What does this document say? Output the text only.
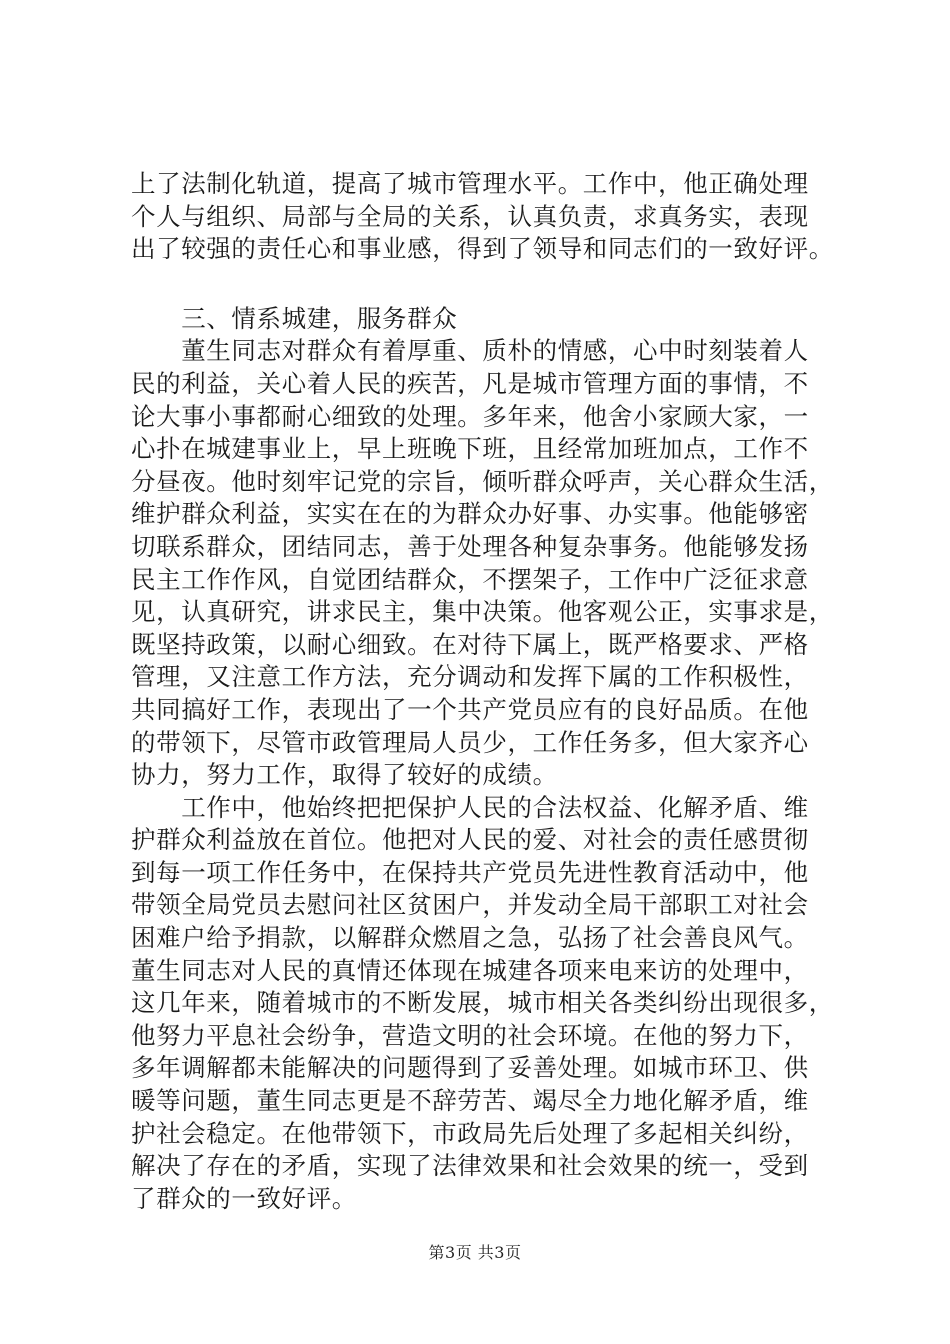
上了法制化轨道，提高了城市管理水平。工作中，他正确处理
个人与组织、局部与全局的关系，认真负责，求真务实，表现
出了较强的责任心和事业感，得到了领导和同志们的一致好评。
　　三、情系城建，服务群众
　　董生同志对群众有着厚重、质朴的情感，心中时刻装着人
民的利益，关心着人民的疾苦，凡是城市管理方面的事情，不
论大事小事都耐心细致的处理。多年来，他舍小家顾大家，一
心扑在城建事业上，早上班晚下班，且经常加班加点，工作不
分昼夜。他时刻牢记党的宗旨，倾听群众呼声，关心群众生活，
维护群众利益，实实在在的为群众办好事、办实事。他能够密
切联系群众，团结同志，善于处理各种复杂事务。他能够发扬
民主工作作风，自觉团结群众，不摆架子，工作中广泛征求意
见，认真研究，讲求民主，集中决策。他客观公正，实事求是，
既坚持政策，以耐心细致。在对待下属上，既严格要求、严格
管理，又注意工作方法，充分调动和发挥下属的工作积极性，
共同搞好工作，表现出了一个共产党员应有的良好品质。在他
的带领下，尽管市政管理局人员少，工作任务多，但大家齐心
协力，努力工作，取得了较好的成绩。
　　工作中，他始终把把保护人民的合法权益、化解矛盾、维
护群众利益放在首位。他把对人民的爱、对社会的责任感贯彻
到每一项工作任务中，在保持共产党员先进性教育活动中，他
带领全局党员去慰问社区贫困户，并发动全局干部职工对社会
困难户给予捐款，以解群众燃眉之急，弘扬了社会善良风气。
董生同志对人民的真情还体现在城建各项来电来访的处理中，
这几年来，随着城市的不断发展，城市相关各类纠纷出现很多，
他努力平息社会纷争，营造文明的社会环境。在他的努力下，
多年调解都未能解决的问题得到了妥善处理。如城市环卫、供
暖等问题，董生同志更是不辞劳苦、竭尽全力地化解矛盾，维
护社会稳定。在他带领下，市政局先后处理了多起相关纠纷，
解决了存在的矛盾，实现了法律效果和社会效果的统一，受到
了群众的一致好评。
第3页 共3页
